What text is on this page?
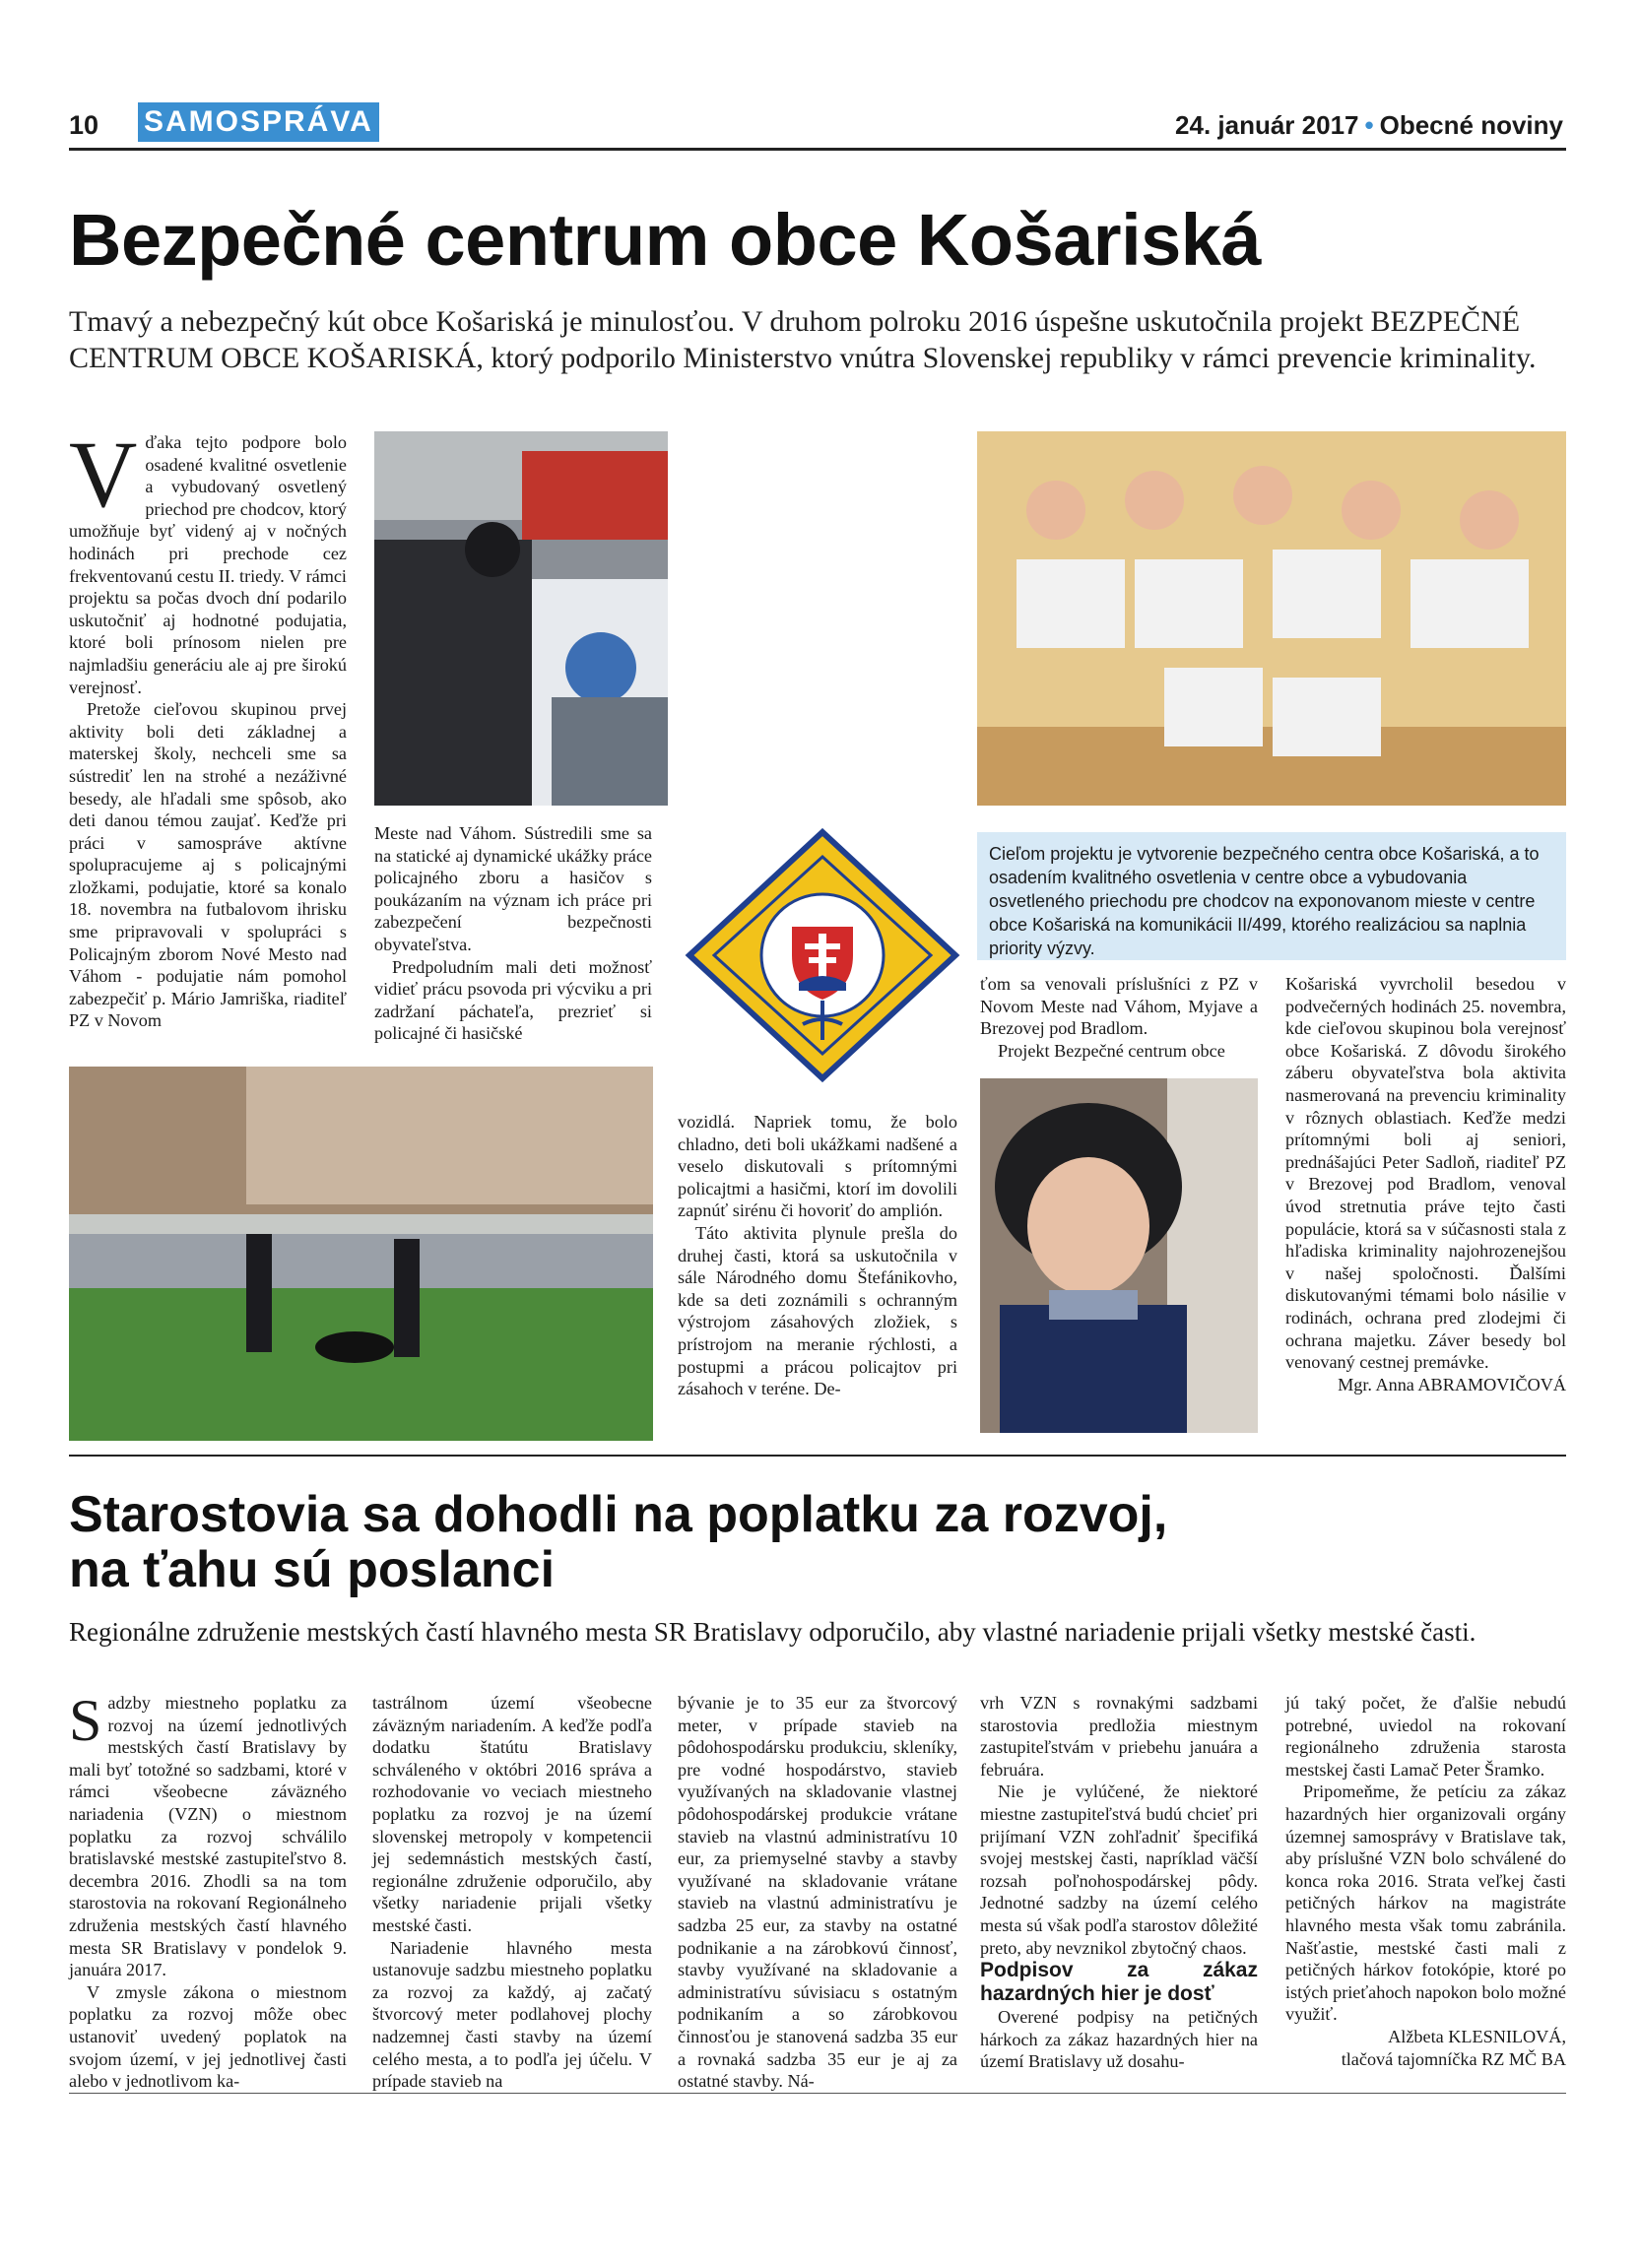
10 SAMOSPRÁVA	24. január 2017 • Obecné noviny
Bezpečné centrum obce Košariská
Tmavý a nebezpečný kút obce Košariská je minulosťou. V druhom polroku 2016 úspešne uskutočnila projekt BEZPEČNÉ CENTRUM OBCE KOŠARISKÁ, ktorý podporilo Ministerstvo vnútra Slovenskej republiky v rámci prevencie kriminality.
V ďaka tejto podpore bolo osadené kvalitné osvetlenie a vybudovaný osvetlený priechod pre chodcov, ktorý umožňuje byť videný aj v nočných hodinách pri prechode cez frekventovanú cestu II. triedy. V rámci projektu sa počas dvoch dní podarilo uskutočniť aj hodnotné podujatia, ktoré boli prínosom nielen pre najmladšiu generáciu ale aj pre širokú verejnosť.

Pretože cieľovou skupinou prvej aktivity boli deti základnej a materskej školy, nechceli sme sa sústrediť len na strohé a nezáživné besedy, ale hľadali sme spôsob, ako deti danou témou zaujať. Keďže pri práci v samospráve aktívne spolupracujeme aj s policajnými zložkami, podujatie, ktoré sa konalo 18. novembra na futbalovom ihrisku sme pripravovali v spolupráci s Policajným zborom Nové Mesto nad Váhom - podujatie nám pomohol zabezpečiť p. Mário Jamriška, riaditeľ PZ v Novom

Meste nad Váhom. Sústredili sme sa na statické aj dynamické ukážky práce policajného zboru a hasičov s poukázaním na význam ich práce pri zabezpečení bezpečnosti obyvateľstva.

Predpoludním mali deti možnosť vidieť prácu psovoda pri výcviku a pri zadržaní páchateľa, prezrieť si policajné či hasičské

Cieľom projektu je vytvorenie bezpečného centra obce Košariská, a to osadením kvalitného osvetlenia v centre obce a vybudovania osvetleného priechodu pre chodcov na exponovanom mieste v centre obce Košariská na komunikácii II/499, ktorého realizáciou sa naplnia priority výzvy.

vozidlá. Napriek tomu, že bolo chladno, deti boli ukážkami nadšené a veselo diskutovali s prítomnými policajtmi a hasičmi, ktorí im dovolili zapnúť sirénu či hovoriť do amplión.

Táto aktivita plynule prešla do druhej časti, ktorá sa uskutočnila v sále Národného domu Štefánikovho, kde sa deti zoznámili s ochranným výstrojom zásahových zložiek, s prístrojom na meranie rýchlosti, a postupmi a prácou policajtov pri zásahoch v teréne. De-

ťom sa venovali príslušníci z PZ v Novom Meste nad Váhom, Myjave a Brezovej pod Bradlom.

Projekt Bezpečné centrum obce

Košariská vyvrcholil besedou v podvečerných hodinách 25. novembra, kde cieľovou skupinou bola verejnosť obce Košariská. Z dôvodu širokého záberu obyvateľstva bola aktivita nasmerovaná na prevenciu kriminality v rôznych oblastiach. Keďže medzi prítomnými boli aj seniori, prednášajúci Peter Sadloň, riaditeľ PZ v Brezovej pod Bradlom, venoval úvod stretnutia práve tejto časti populácie, ktorá sa v súčasnosti stala z hľadiska kriminality najohrozenejšou v našej spoločnosti. Ďalšími diskutovanými témami bolo násilie v rodinách, ochrana pred zlodejmi či ochrana majetku. Záver besedy bol venovaný cestnej premávke.

Mgr. Anna ABRAMOVIČOVÁ

Starostovia sa dohodli na poplatku za rozvoj,
na ťahu sú poslanci
Regionálne združenie mestských častí hlavného mesta SR Bratislavy odporučilo, aby vlastné nariadenie prijali všetky mestské časti.
S adzby miestneho poplatku za rozvoj na území jednotlivých mestských častí Bratislavy by mali byť totožné so sadzbami, ktoré v rámci všeobecne záväzného nariadenia (VZN) o miestnom poplatku za rozvoj schválilo bratislavské mestské zastupiteľstvo 8. decembra 2016. Zhodli sa na tom starostovia na rokovaní Regionálneho združenia mestských častí hlavného mesta SR Bratislavy v pondelok 9. januára 2017.

V zmysle zákona o miestnom poplatku za rozvoj môže obec ustanoviť uvedený poplatok na svojom území, v jej jednotlivej časti alebo v jednotlivom ka-

tastrálnom území všeobecne záväzným nariadením. A keďže podľa dodatku štatútu Bratislavy schváleného v októbri 2016 správa a rozhodovanie vo veciach miestneho poplatku za rozvoj je na území slovenskej metropoly v kompetencii jej sedemnástich mestských častí, regionálne združenie odporučilo, aby všetky nariadenie prijali všetky mestské časti.

Nariadenie hlavného mesta ustanovuje sadzbu miestneho poplatku za rozvoj za každý, aj začatý štvorcový meter podlahovej plochy nadzemnej časti stavby na území celého mesta, a to podľa jej účelu. V prípade stavieb na

bývanie je to 35 eur za štvorcový meter, v prípade stavieb na pôdohospodársku produkciu, skleníky, pre vodné hospodárstvo, stavieb využívaných na skladovanie vlastnej pôdohospodárskej produkcie vrátane stavieb na vlastnú administratívu 10 eur, za priemyselné stavby a stavby využívané na skladovanie vrátane stavieb na vlastnú administratívu je sadzba 25 eur, za stavby na ostatné podnikanie a na zárobkovú činnosť, stavby využívané na skladovanie a administratívu súvisiacu s ostatným podnikaním a so zárobkovou činnosťou je stanovená sadzba 35 eur a rovnaká sadzba 35 eur je aj za ostatné stavby. Ná-

vrh VZN s rovnakými sadzbami starostovia predložia miestnym zastupiteľstvám v priebehu januára a februára.

Nie je vylúčené, že niektoré miestne zastupiteľstvá budú chcieť pri prijímaní VZN zohľadniť špecifiká svojej mestskej časti, napríklad väčší rozsah poľnohospodárskej pôdy. Jednotné sadzby na území celého mesta sú však podľa starostov dôležité preto, aby nevznikol zbytočný chaos.

Podpisov za zákaz hazardných hier je dosť

Overené podpisy na petičných hárkoch za zákaz hazardných hier na území Bratislavy už dosahu-

jú taký počet, že ďalšie nebudú potrebné, uviedol na rokovaní regionálneho združenia starosta mestskej časti Lamač Peter Šramko.

Pripomeňme, že petíciu za zákaz hazardných hier organizovali orgány územnej samosprávy v Bratislave tak, aby príslušné VZN bolo schválené do konca roka 2016. Strata veľkej časti petičných hárkov na magistráte hlavného mesta však tomu zabránila. Našťastie, mestské časti mali z petičných hárkov fotokópie, ktoré po istých prieťahoch napokon bolo možné využiť.

Alžbeta KLESNILOVÁ,

tlačová tajomníčka RZ MČ BA
